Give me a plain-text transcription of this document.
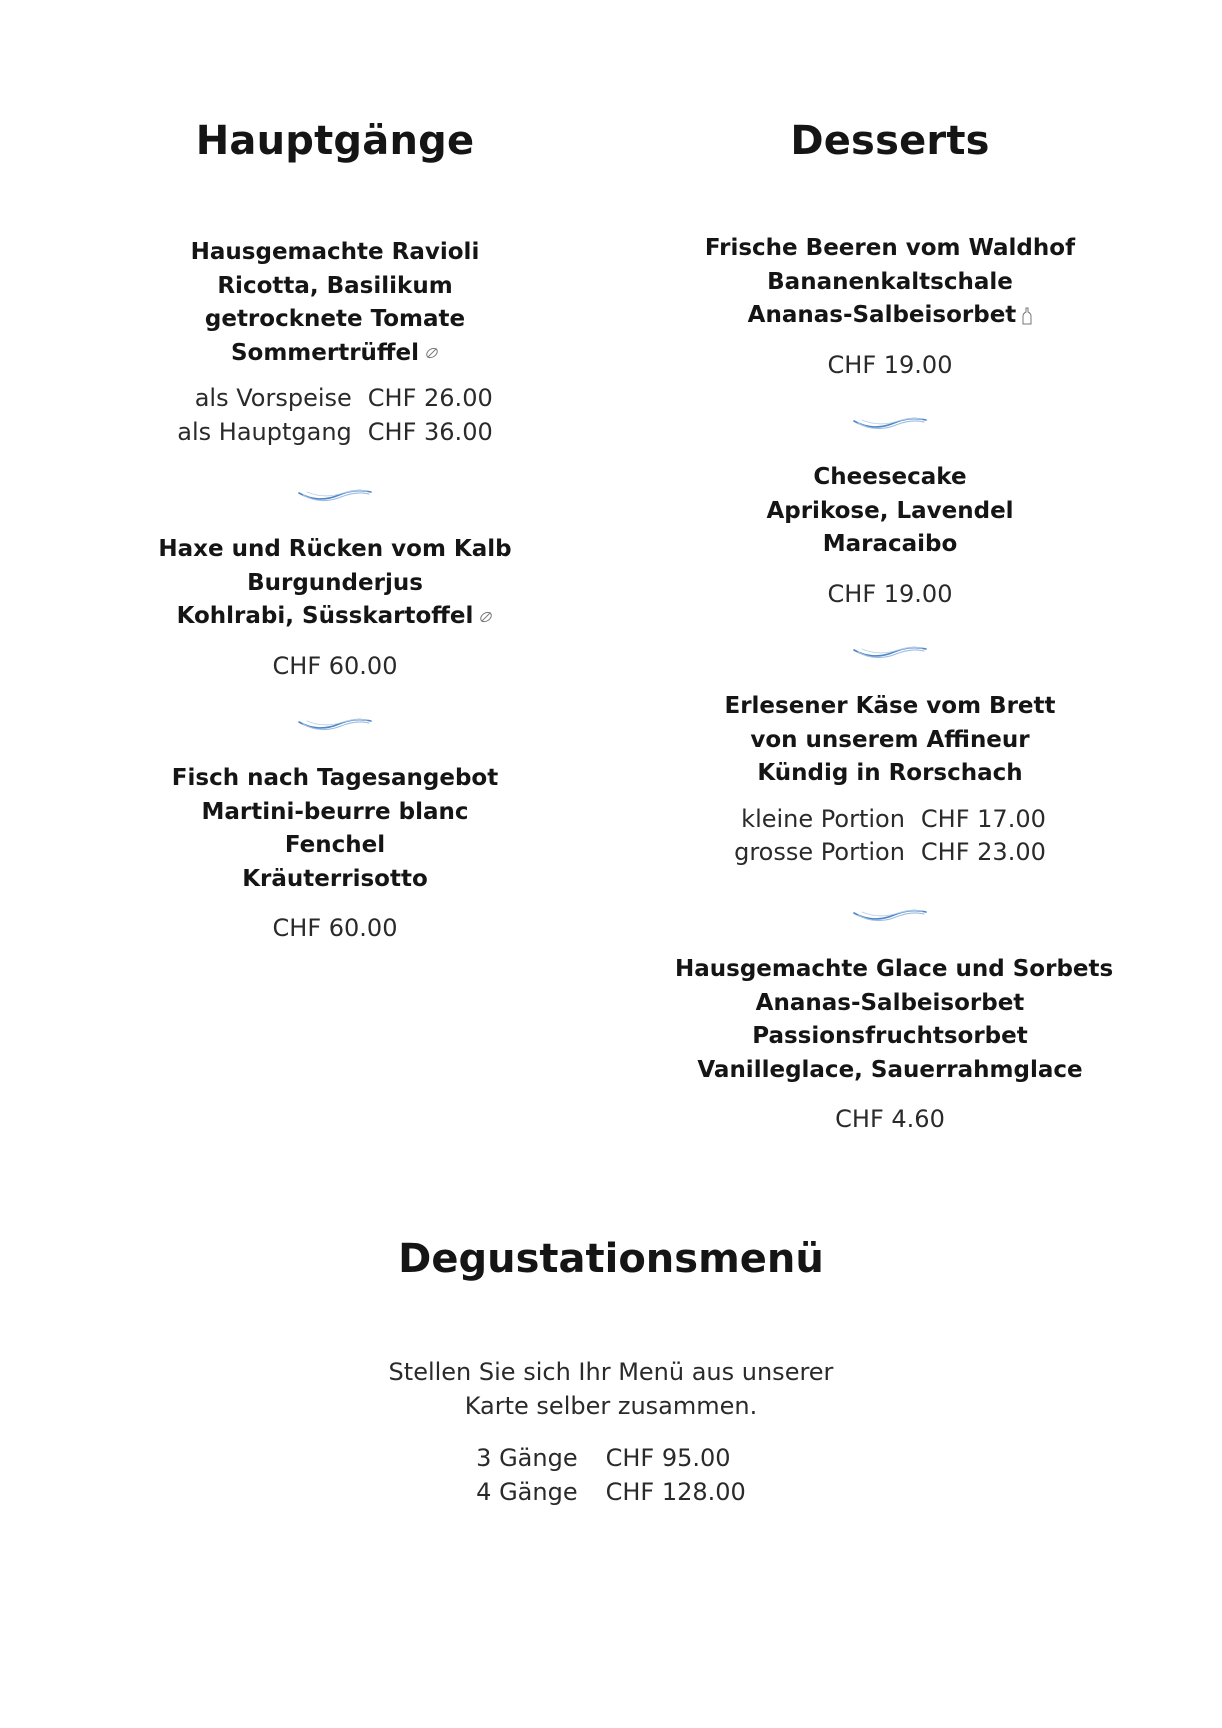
Hauptgänge

Hausgemachte Ravioli

Ricotta, Basilikum

getrocknete Tomate

Sommertrüffel

als Vorspeise	CHF 26.00
als Hauptgang	CHF 36.00

Haxe und Rücken vom Kalb

Burgunderjus

Kohlrabi, Süsskartoffel

CHF 60.00

Fisch nach Tagesangebot

Martini-beurre blanc

Fenchel

Kräuterrisotto

CHF 60.00

Desserts

Frische Beeren vom Waldhof

Bananenkaltschale

Ananas-Salbeisorbet

CHF 19.00

Cheesecake

Aprikose, Lavendel

Maracaibo

CHF 19.00

Erlesener Käse vom Brett

von unserem Affineur

Kündig in Rorschach

kleine Portion	CHF 17.00
grosse Portion	CHF 23.00

Hausgemachte Glace und Sorbets

Ananas-Salbeisorbet

Passionsfruchtsorbet

Vanilleglace, Sauerrahmglace

CHF 4.60

Degustationsmenü
Stellen Sie sich Ihr Menü aus unserer
Karte selber zusammen.
3 Gänge	CHF 95.00
4 Gänge	CHF 128.00
